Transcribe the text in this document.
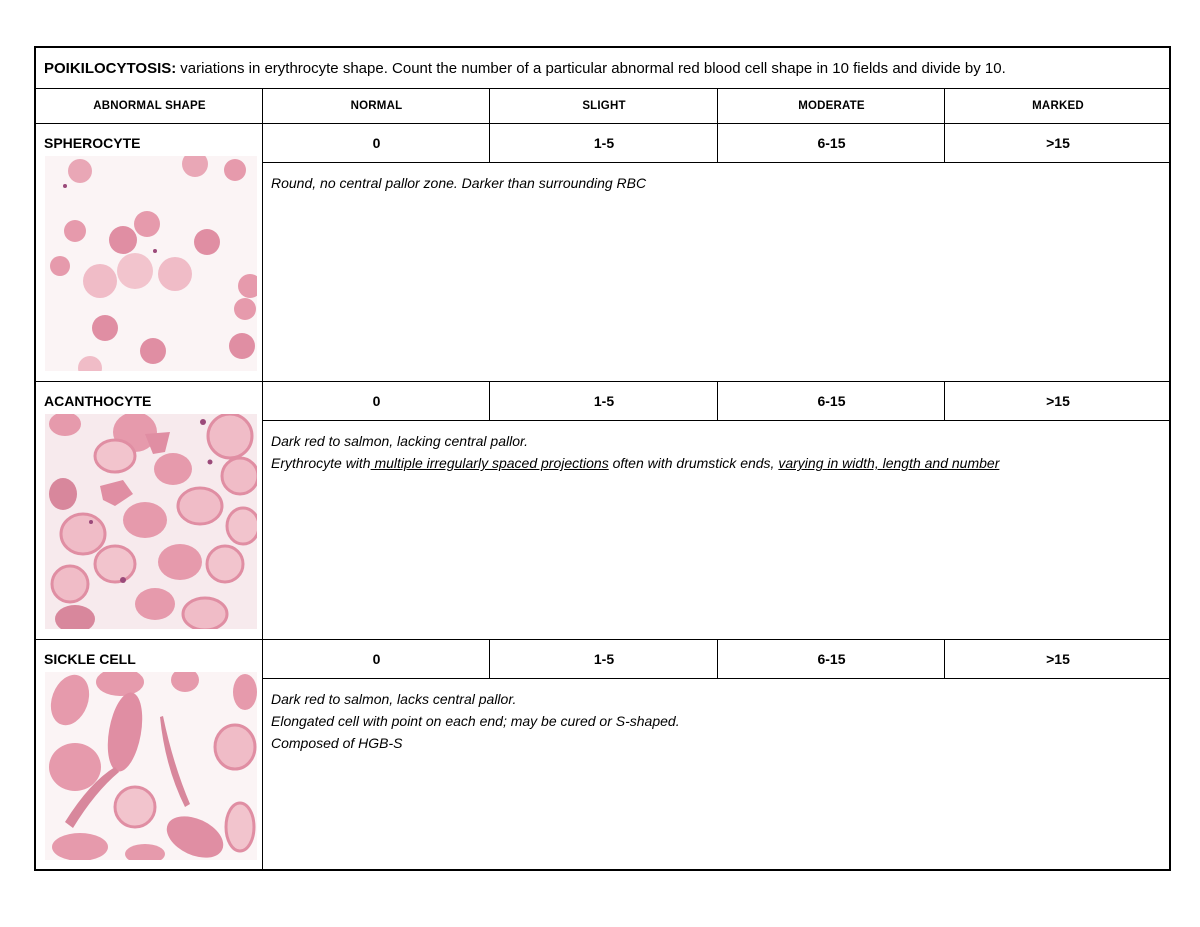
POIKILOCYTOSIS: variations in erythrocyte shape. Count the number of a particular abnormal red blood cell shape in 10 fields and divide by 10.
ABNORMAL SHAPE	NORMAL	SLIGHT	MODERATE	MARKED
SPHEROCYTE	0	1-5	6-15	>15
Round, no central pallor zone. Darker than surrounding RBC
ACANTHOCYTE	0	1-5	6-15	>15
Dark red to salmon, lacking central pallor.
Erythrocyte with multiple irregularly spaced projections often with drumstick ends, varying in width, length and number
SICKLE CELL	0	1-5	6-15	>15
Dark red to salmon, lacks central pallor.
Elongated cell with point on each end; may be cured or S-shaped.
Composed of HGB-S
